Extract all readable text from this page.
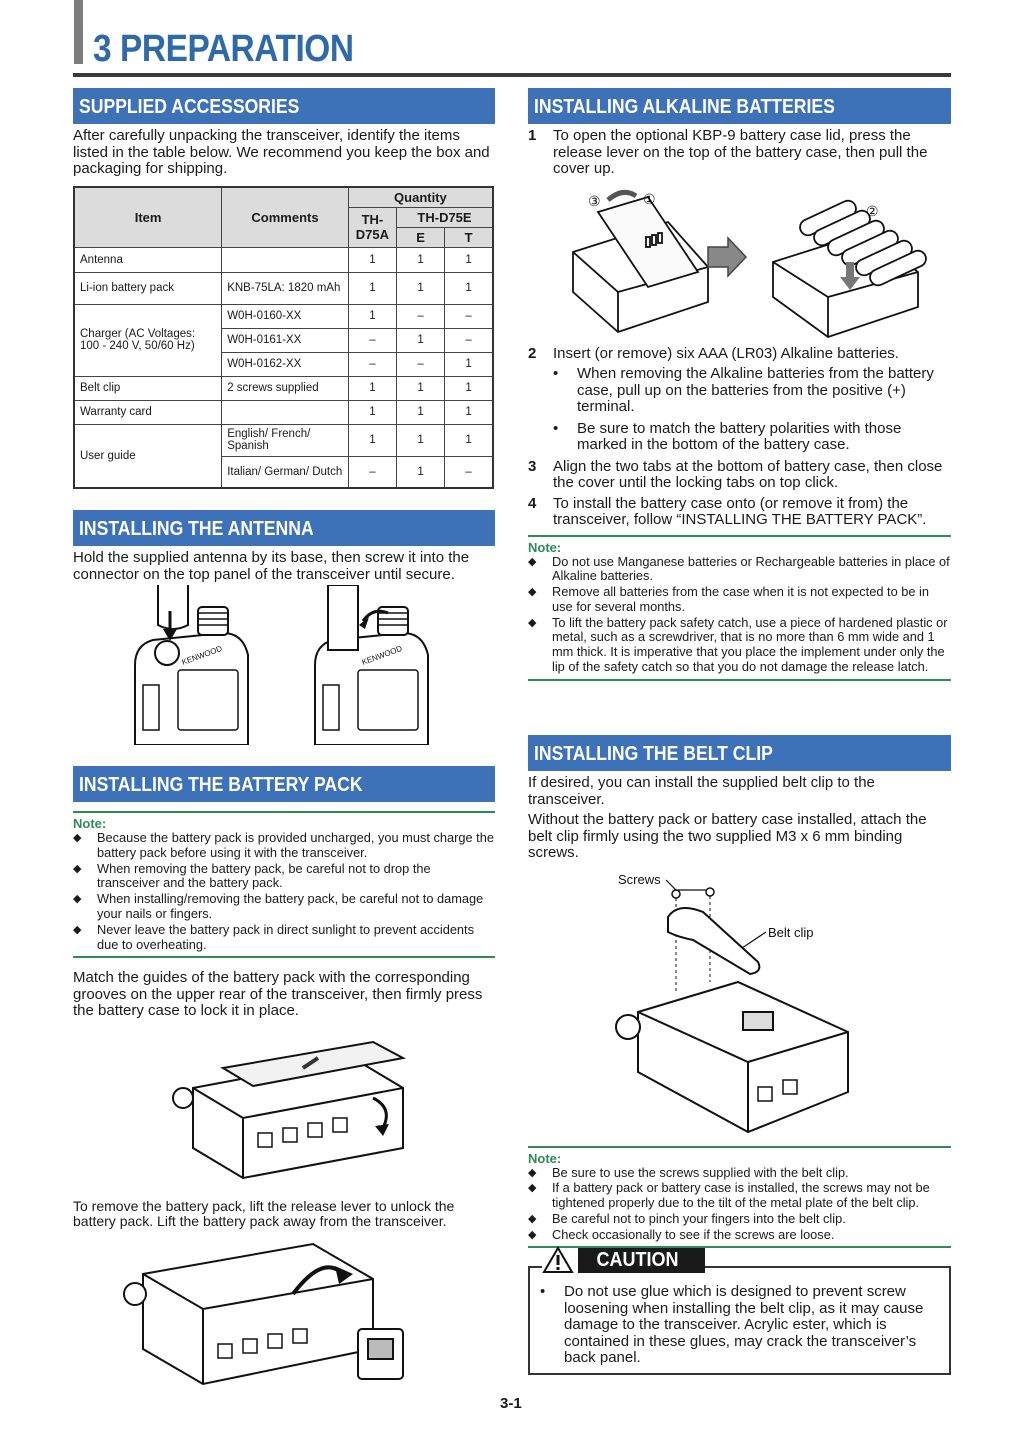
3 PREPARATION
SUPPLIED ACCESSORIES

After carefully unpacking the transceiver, identify the items listed in the table below. We recommend you keep the box and packaging for shipping.

Item	Comments	Quantity		
		TH-D75A	TH-D75E	
			E	T
Antenna		1	1	1
Li-ion battery pack	KNB-75LA: 1820 mAh	1	1	1
Charger (AC Voltages: 100 - 240 V, 50/60 Hz)	W0H-0160-XX	1	–	–
	W0H-0161-XX	–	1	–
	W0H-0162-XX	–	–	1
Belt clip	2 screws supplied	1	1	1
Warranty card		1	1	1
User guide	English/ French/ Spanish	1	1	1
	Italian/ German/ Dutch	–	1	–
INSTALLING THE ANTENNA

Hold the supplied antenna by its base, then screw it into the connector on the top panel of the transceiver until secure.

KENWOOD	KENWOOD
INSTALLING THE BATTERY PACK
Note:
◆ Because the battery pack is provided uncharged, you must charge the battery pack before using it with the transceiver.
◆ When removing the battery pack, be careful not to drop the transceiver and the battery pack.
◆ When installing/removing the battery pack, be careful not to damage your nails or fingers.
◆ Never leave the battery pack in direct sunlight to prevent accidents due to overheating.

Match the guides of the battery pack with the corresponding grooves on the upper rear of the transceiver, then firmly press the battery case to lock it in place.

To remove the battery pack, lift the release lever to unlock the battery pack. Lift the battery pack away from the transceiver.

INSTALLING ALKALINE BATTERIES
1 To open the optional KBP-9 battery case lid, press the release lever on the top of the battery case, then pull the cover up.
③	①
②
2 Insert (or remove) six AAA (LR03) Alkaline batteries.
• When removing the Alkaline batteries from the battery case, pull up on the batteries from the positive (+) terminal.
• Be sure to match the battery polarities with those marked in the bottom of the battery case.
3 Align the two tabs at the bottom of battery case, then close the cover until the locking tabs on top click.
4 To install the battery case onto (or remove it from) the transceiver, follow “INSTALLING THE BATTERY PACK”.
Note:
◆ Do not use Manganese batteries or Rechargeable batteries in place of Alkaline batteries.
◆ Remove all batteries from the case when it is not expected to be in use for several months.
◆ To lift the battery pack safety catch, use a piece of hardened plastic or metal, such as a screwdriver, that is no more than 6 mm wide and 1 mm thick. It is imperative that you place the implement under only the lip of the safety catch so that you do not damage the release latch.
INSTALLING THE BELT CLIP

If desired, you can install the supplied belt clip to the transceiver.

Without the battery pack or battery case installed, attach the belt clip firmly using the two supplied M3 x 6 mm binding screws.

Screws
Belt clip
Note:
◆ Be sure to use the screws supplied with the belt clip.
◆ If a battery pack or battery case is installed, the screws may not be tightened properly due to the tilt of the metal plate of the belt clip.
◆ Be careful not to pinch your fingers into the belt clip.
◆ Check occasionally to see if the screws are loose.
CAUTION
• Do not use glue which is designed to prevent screw loosening when installing the belt clip, as it may cause damage to the transceiver. Acrylic ester, which is contained in these glues, may crack the transceiver’s back panel.
3-1
